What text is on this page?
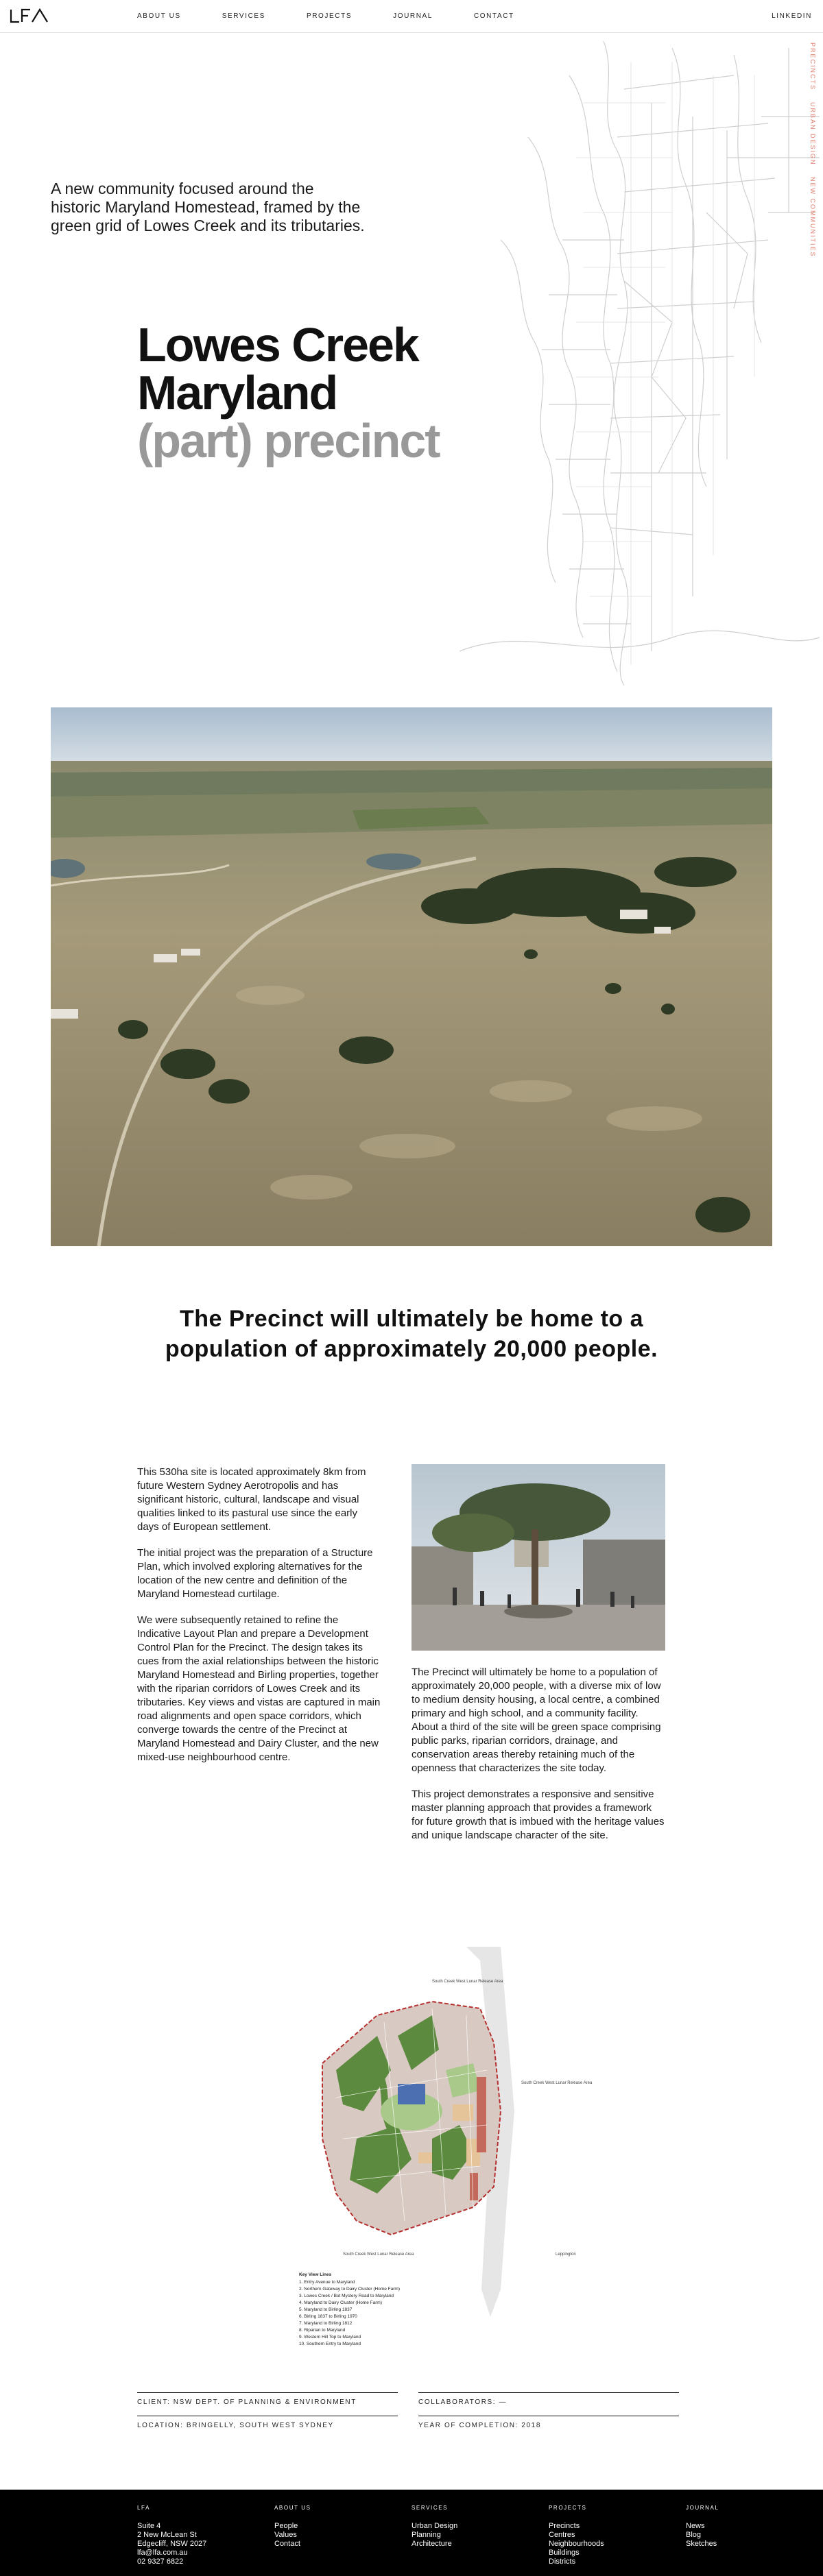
ABOUT US	SERVICES	PROJECTS	JOURNAL	CONTACT	LINKEDIN
PRECINCTS URBAN DESIGN NEW COMMUNITIES

A new community focused around the historic Maryland Homestead, framed by the green grid of Lowes Creek and its tributaries.

Lowes Creek
Maryland
(part) precinct

The Precinct will ultimately be home to a population of approximately 20,000 people.

This 530ha site is located approximately 8km from future Western Sydney Aerotropolis and has significant historic, cultural, landscape and visual qualities linked to its pastural use since the early days of European settlement.

The initial project was the preparation of a Structure Plan, which involved exploring alternatives for the location of the new centre and definition of the Maryland Homestead curtilage.

We were subsequently retained to refine the Indicative Layout Plan and prepare a Development Control Plan for the Precinct. The design takes its cues from the axial relationships between the historic Maryland Homestead and Birling properties, together with the riparian corridors of Lowes Creek and its tributaries. Key views and vistas are captured in main road alignments and open space corridors, which converge towards the centre of the Precinct at Maryland Homestead and Dairy Cluster, and the new mixed-use neighbourhood centre.

The Precinct will ultimately be home to a population of approximately 20,000 people, with a diverse mix of low to medium density housing, a local centre, a combined primary and high school, and a community facility. About a third of the site will be green space comprising public parks, riparian corridors, drainage, and conservation areas thereby retaining much of the openness that characterizes the site today.

This project demonstrates a responsive and sensitive master planning approach that provides a framework for future growth that is imbued with the heritage values and unique landscape character of the site.

South Creek West Lunar Release Area
South Creek West Lunar Release Area
South Creek West Lunar Release Area	Leppington
Key View Lines
1. Entry Avenue to Maryland
2. Northern Gateway to Dairy Cluster (Home Farm)
3. Lowes Creek / Bot Mystery Road to Maryland
4. Maryland to Dairy Cluster (Home Farm)
5. Maryland to Birling 1837
6. Birling 1837 to Birling 1970
7. Maryland to Birling 1812
8. Riparian to Maryland
9. Western Hill Top to Maryland
10. Southern Entry to Maryland
CLIENT: NSW DEPT. OF PLANNING & ENVIRONMENT	COLLABORATORS: —
LOCATION: BRINGELLY, SOUTH WEST SYDNEY	YEAR OF COMPLETION: 2018
LFA
Suite 4
2 New McLean St
Edgecliff, NSW 2027
lfa@lfa.com.au
02 9327 6822
ABOUT US
People
Values
Contact
SERVICES
Urban Design
Planning
Architecture
PROJECTS
Precincts
Centres
Neighbourhoods
Buildings
Districts
JOURNAL
News
Blog
Sketches
